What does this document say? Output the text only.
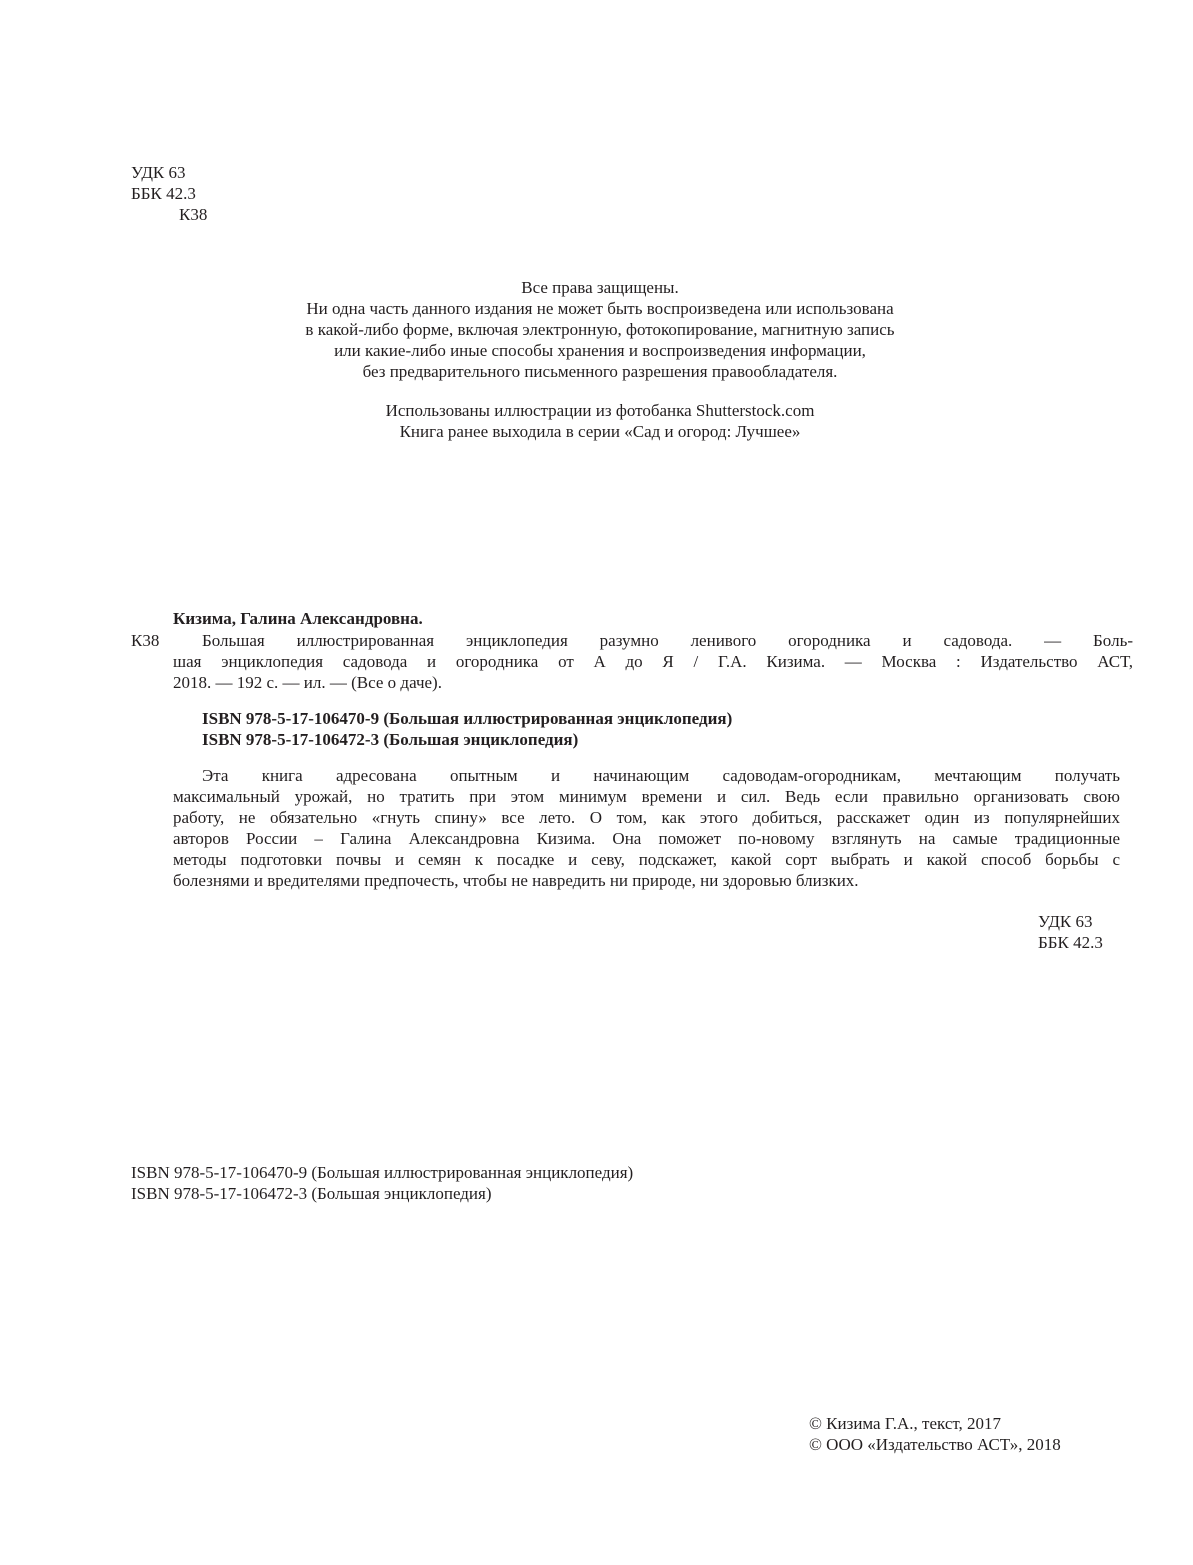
УДК 63
ББК 42.3
К38
Все права защищены.
Ни одна часть данного издания не может быть воспроизведена или использована
в какой-либо форме, включая электронную, фотокопирование, магнитную запись
или какие-либо иные способы хранения и воспроизведения информации,
без предварительного письменного разрешения правообладателя.
Использованы иллюстрации из фотобанка Shutterstock.com
Книга ранее выходила в серии «Сад и огород: Лучшее»
Кизима, Галина Александровна.
К38	Большая иллюстрированная энциклопедия разумно ленивого огородника и садовода. — Боль-
шая энциклопедия садовода и огородника от А до Я / Г.А. Кизима. — Москва : Издательство АСТ,
2018. — 192 с. — ил. — (Все о даче).
ISBN 978-5-17-106470-9 (Большая иллюстрированная энциклопедия)
ISBN 978-5-17-106472-3 (Большая энциклопедия)
Эта книга адресована опытным и начинающим садоводам-огородникам, мечтающим получать
максимальный урожай, но тратить при этом минимум времени и сил. Ведь если правильно организовать свою
работу, не обязательно «гнуть спину» все лето. О том, как этого добиться, расскажет один из популярнейших
авторов России – Галина Александровна Кизима. Она поможет по-новому взглянуть на самые традиционные
методы подготовки почвы и семян к посадке и севу, подскажет, какой сорт выбрать и какой способ борьбы с
болезнями и вредителями предпочесть, чтобы не навредить ни природе, ни здоровью близких.
УДК 63
ББК 42.3
ISBN 978-5-17-106470-9 (Большая иллюстрированная энциклопедия)
ISBN 978-5-17-106472-3 (Большая энциклопедия)
© Кизима Г.А., текст, 2017
© ООО «Издательство АСТ», 2018
